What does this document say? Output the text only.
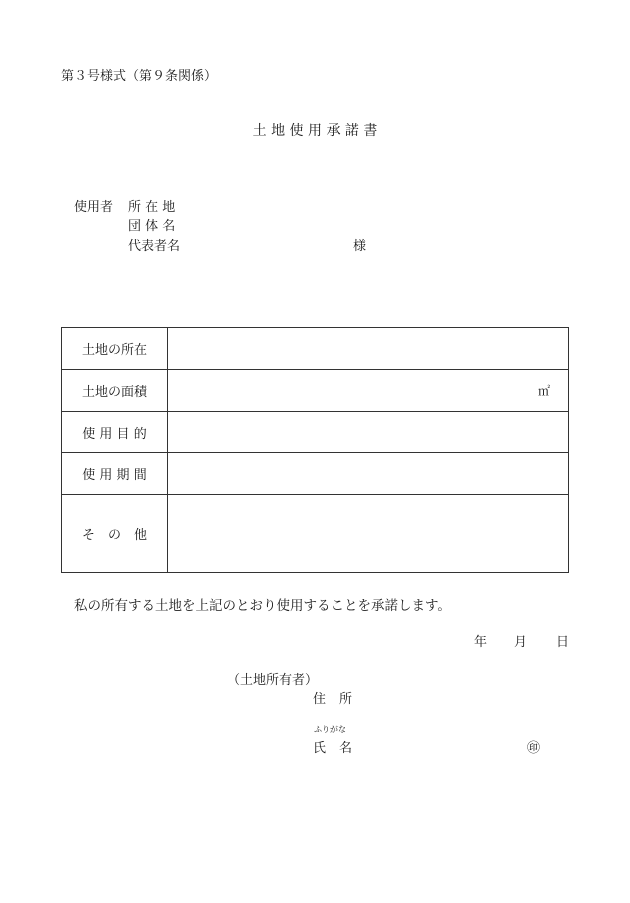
第３号様式（第９条関係）
土 地 使 用 承 諾 書
使用者 所 在 地
団 体 名
代表者名	様
土地の所在	
土地の面積	㎡

使 用 目 的	
使 用 期 間	
そ　の　他	
私の所有する土地を上記のとおり使用することを承諾します。
年 月 日
（土地所有者）
住　所
ふりがな
氏　名	㊞
